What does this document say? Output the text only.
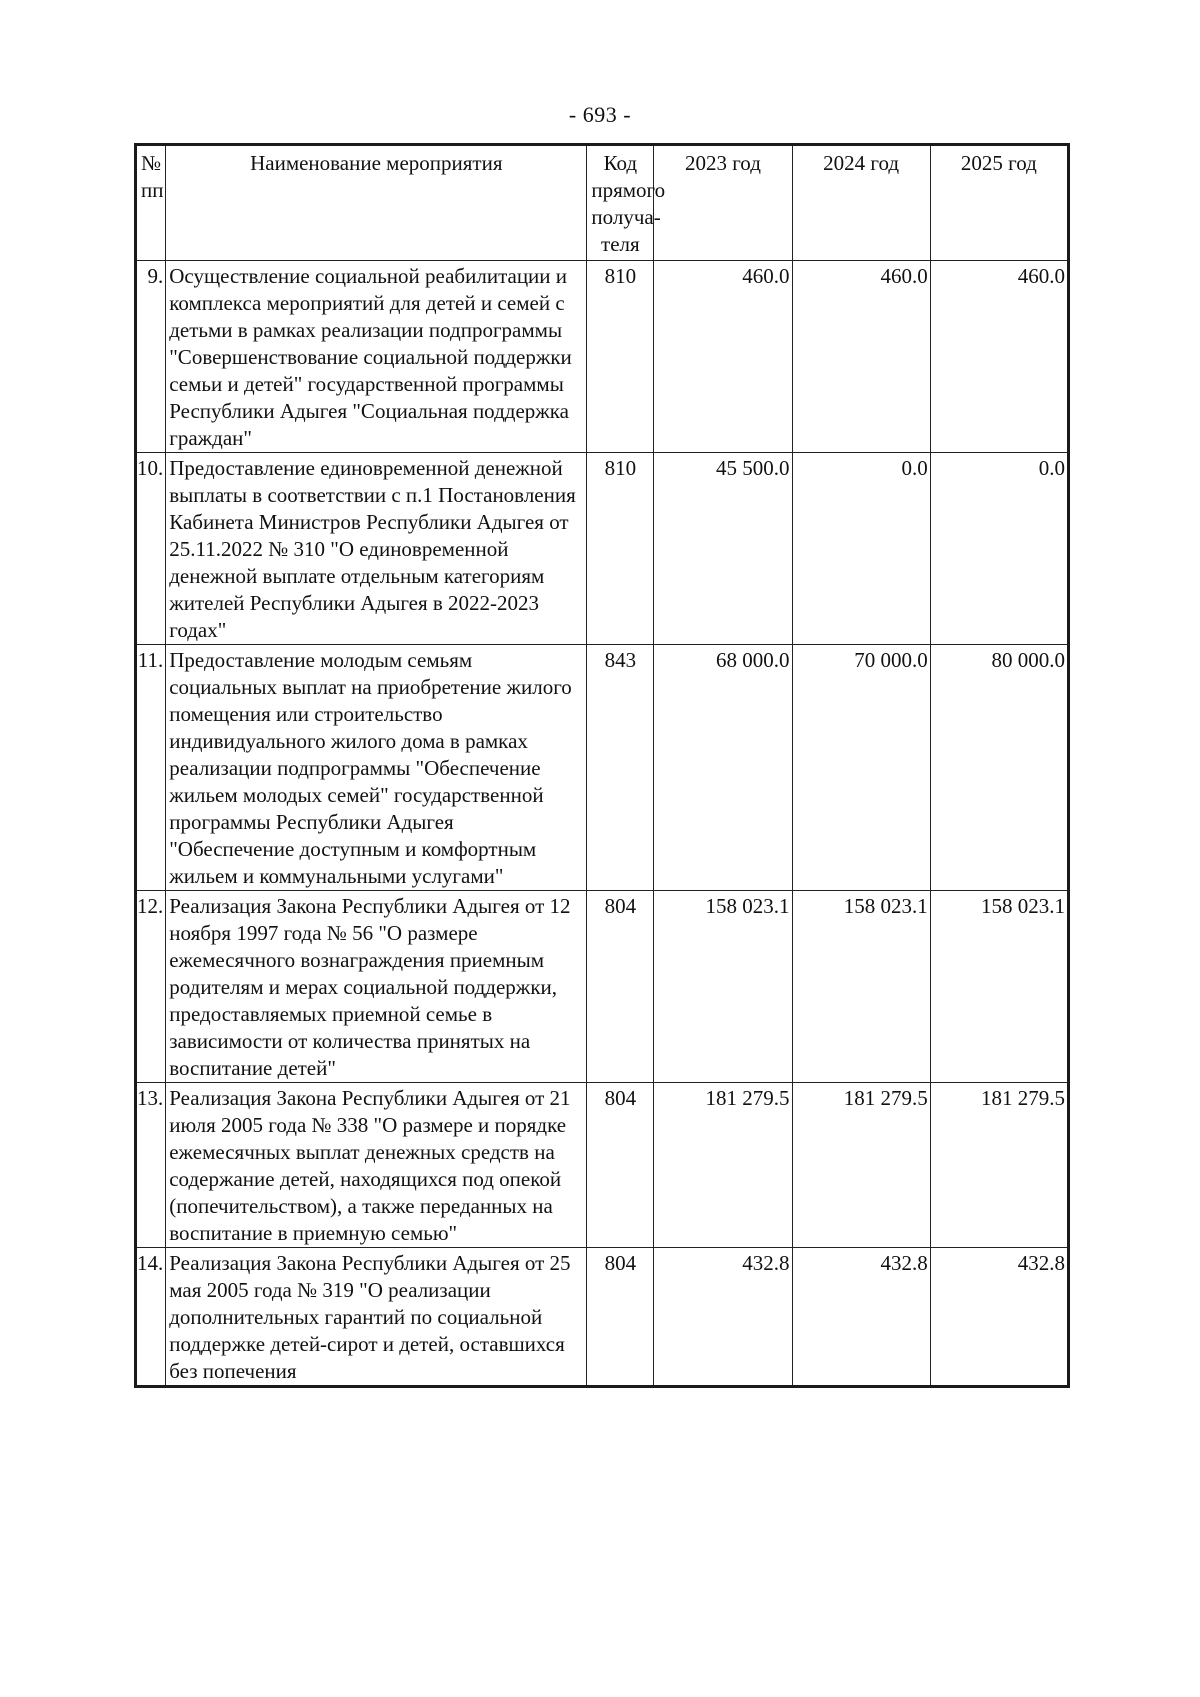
- 693 -
№ пп	Наименование мероприятия	Код прямого получа-теля	2023 год	2024 год	2025 год
9.	Осуществление социальной реабилитации и комплекса мероприятий для детей и семей с детьми в рамках реализации подпрограммы "Совершенствование социальной поддержки семьи и детей" государственной программы Республики Адыгея "Социальная поддержка граждан"	810	460.0	460.0	460.0
10.	Предоставление единовременной денежной выплаты в соответствии с п.1 Постановления Кабинета Министров Республики Адыгея от 25.11.2022 № 310 "О единовременной денежной выплате отдельным категориям жителей Республики Адыгея в 2022-2023 годах"	810	45 500.0	0.0	0.0
11.	Предоставление молодым семьям социальных выплат на приобретение жилого помещения или строительство индивидуального жилого дома в рамках реализации подпрограммы "Обеспечение жильем молодых семей" государственной программы Республики Адыгея "Обеспечение доступным и комфортным жильем и коммунальными услугами"	843	68 000.0	70 000.0	80 000.0
12.	Реализация Закона Республики Адыгея от 12 ноября 1997 года № 56 "О размере ежемесячного вознаграждения приемным родителям и мерах социальной поддержки, предоставляемых приемной семье в зависимости от количества принятых на воспитание детей"	804	158 023.1	158 023.1	158 023.1
13.	Реализация Закона Республики Адыгея от 21 июля 2005 года № 338 "О размере и порядке ежемесячных выплат денежных средств на содержание детей, находящихся под опекой (попечительством), а также переданных на воспитание в приемную семью"	804	181 279.5	181 279.5	181 279.5
14.	Реализация Закона Республики Адыгея от 25 мая 2005 года № 319 "О реализации дополнительных гарантий по социальной поддержке детей-сирот и детей, оставшихся без попечения	804	432.8	432.8	432.8
